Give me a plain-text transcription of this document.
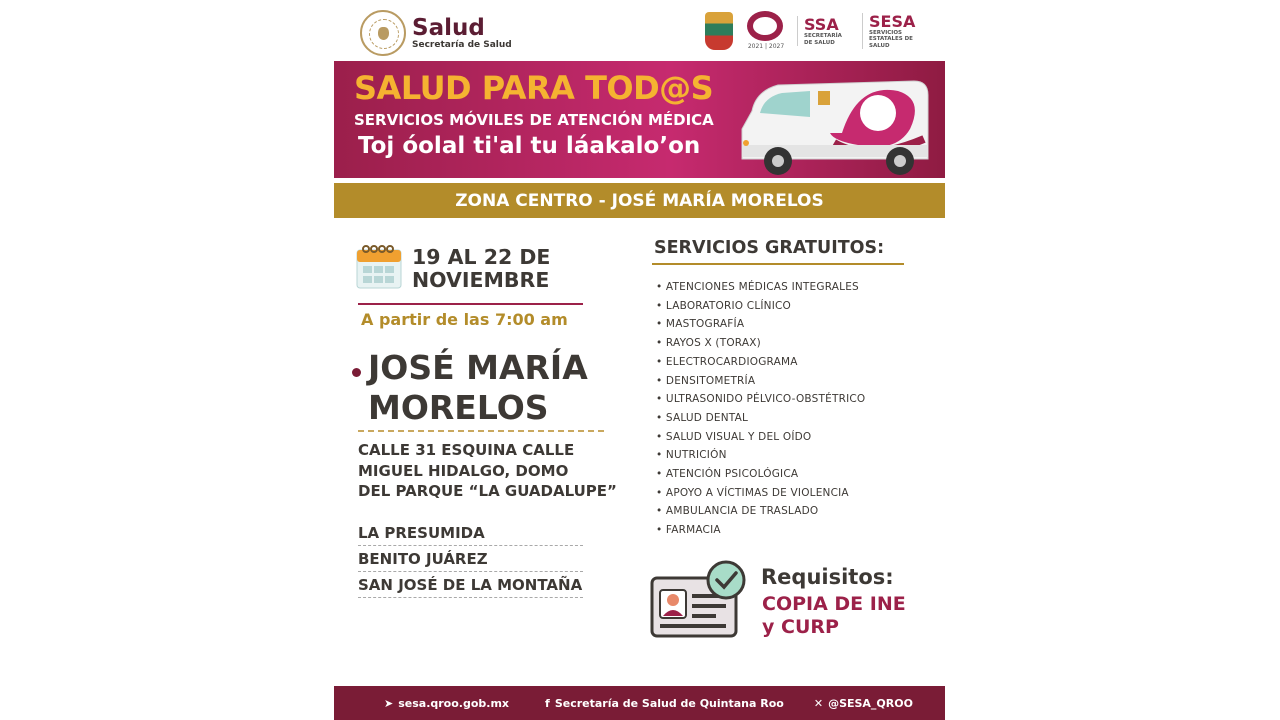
Salud
Secretaría de Salud	2021 | 2027
SSA
SECRETARÍA DE SALUD
SESA
SERVICIOS ESTATALES DE SALUD
SALUD PARA TOD@S
SERVICIOS MÓVILES DE ATENCIÓN MÉDICA
Toj óolal ti'al tu láakalo’on
ZONA CENTRO - JOSÉ MARÍA MORELOS
19 AL 22 DE
NOVIEMBRE
A partir de las 7:00 am
JOSÉ MARÍA
MORELOS
CALLE 31 ESQUINA CALLE
MIGUEL HIDALGO, DOMO
DEL PARQUE “LA GUADALUPE”
LA PRESUMIDA
BENITO JUÁREZ
SAN JOSÉ DE LA MONTAÑA
SERVICIOS GRATUITOS:
• ATENCIONES MÉDICAS INTEGRALES
• LABORATORIO CLÍNICO
• MASTOGRAFÍA
• RAYOS X (TORAX)
• ELECTROCARDIOGRAMA
• DENSITOMETRÍA
• ULTRASONIDO PÉLVICO-OBSTÉTRICO
• SALUD DENTAL
• SALUD VISUAL Y DEL OÍDO
• NUTRICIÓN
• ATENCIÓN PSICOLÓGICA
• APOYO A VÍCTIMAS DE VIOLENCIA
• AMBULANCIA DE TRASLADO
• FARMACIA
Requisitos:
COPIA DE INE
y CURP
➤ sesa.qroo.gob.mx	f Secretaría de Salud de Quintana Roo	✕ @SESA_QROO
